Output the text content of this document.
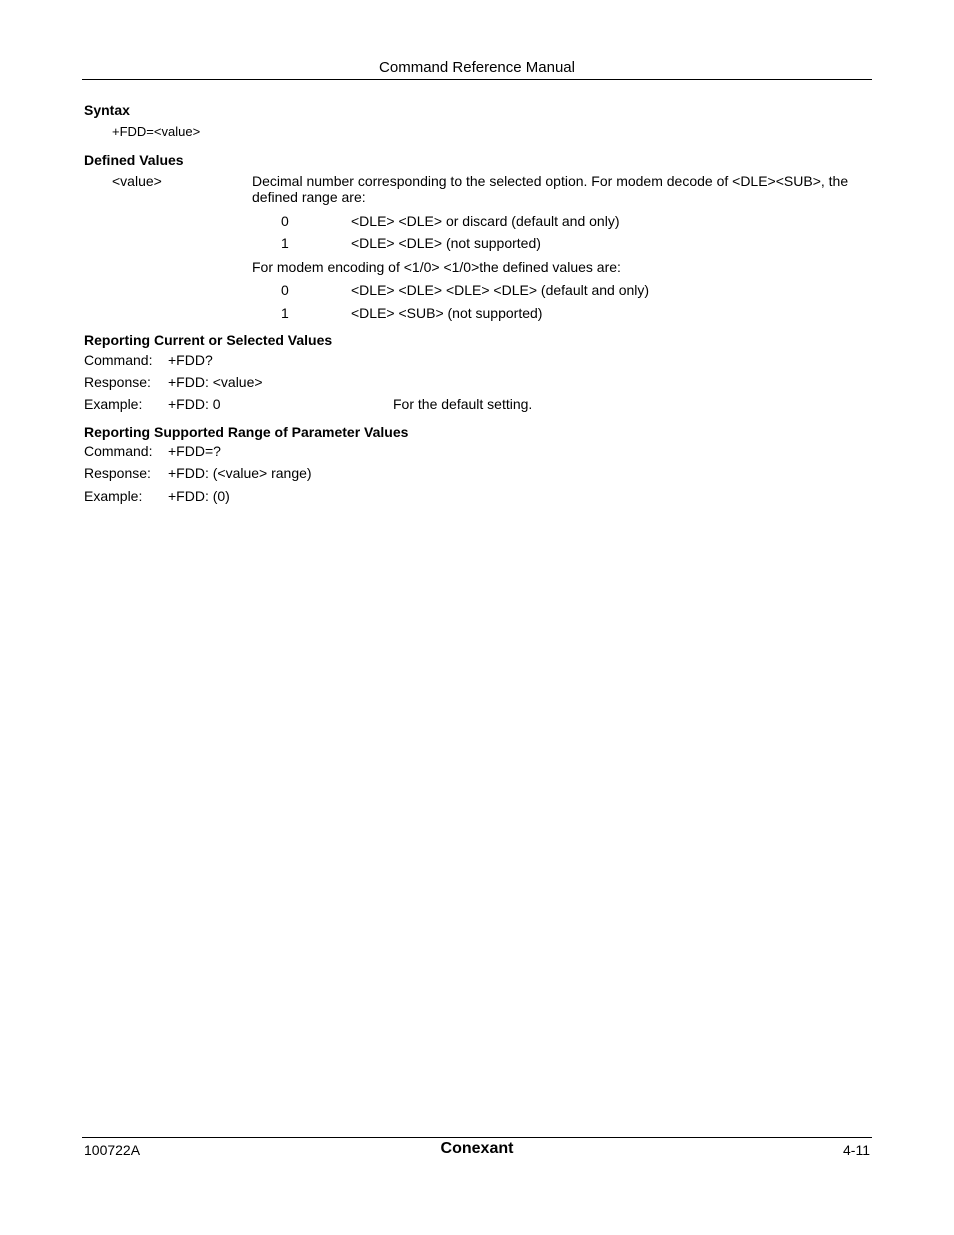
Command Reference Manual
Syntax
+FDD=<value>
Defined Values
<value>	Decimal number corresponding to the selected option. For modem decode of <DLE><SUB>, the
defined range are:
0	<DLE> <DLE> or discard (default and only)
1	<DLE> <DLE> (not supported)
For modem encoding of <1/0> <1/0>the defined values are:
0	<DLE> <DLE> <DLE> <DLE> (default and only)
1	<DLE> <SUB> (not supported)
Reporting Current or Selected Values
Command: +FDD?
Response: +FDD: <value>
Example: +FDD: 0	For the default setting.
Reporting Supported Range of Parameter Values
Command: +FDD=?
Response: +FDD: (<value> range)
Example: +FDD: (0)
100722A	Conexant	4-11
